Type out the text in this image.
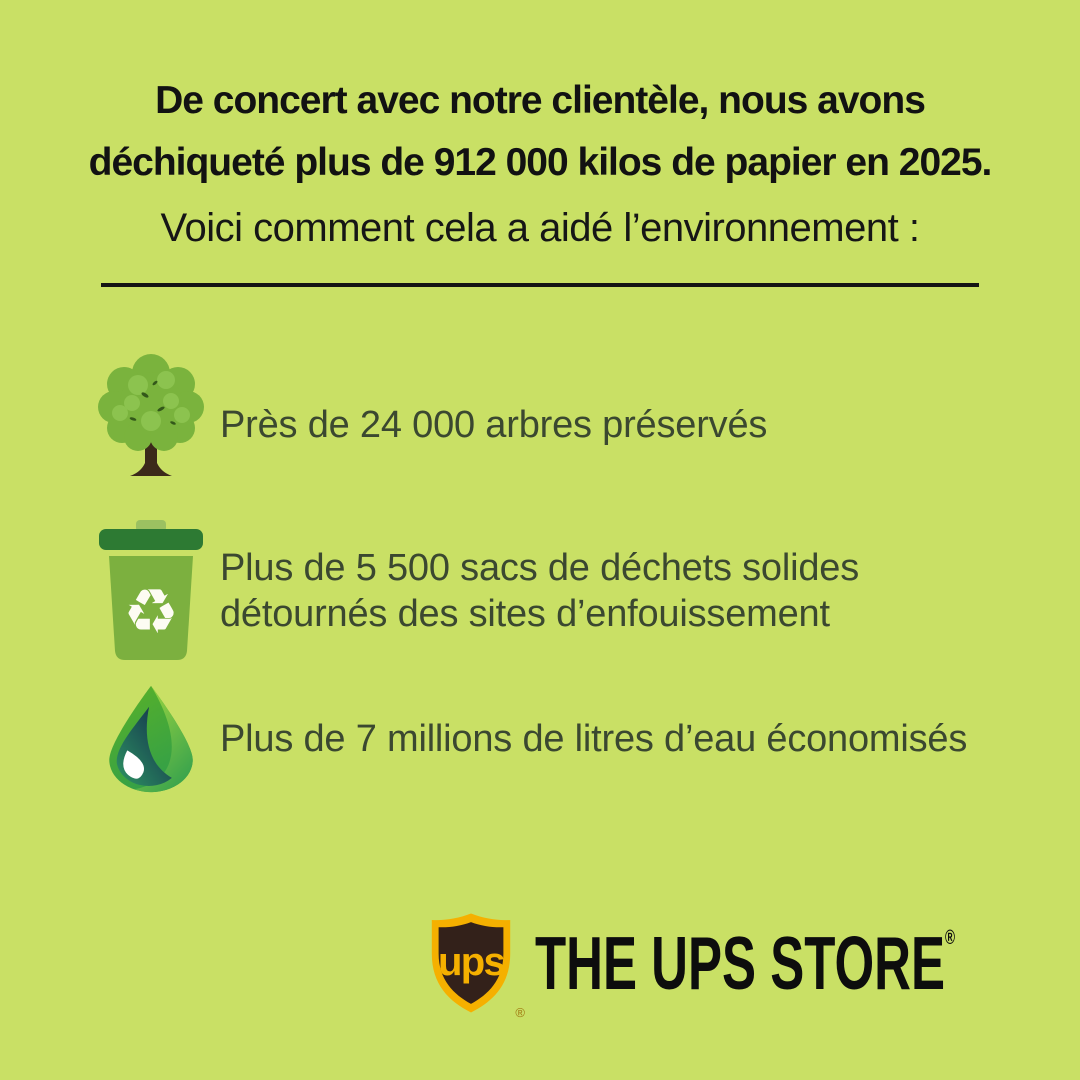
De concert avec notre clientèle, nous avons
déchiqueté plus de 912 000 kilos de papier en 2025.
Voici comment cela a aidé l’environnement :
Près de 24 000 arbres préservés
♻
Plus de 5 500 sacs de déchets solides détournés des sites d’enfouissement
Plus de 7 millions de litres d’eau économisés
ups
®
THE UPS STORE ®
